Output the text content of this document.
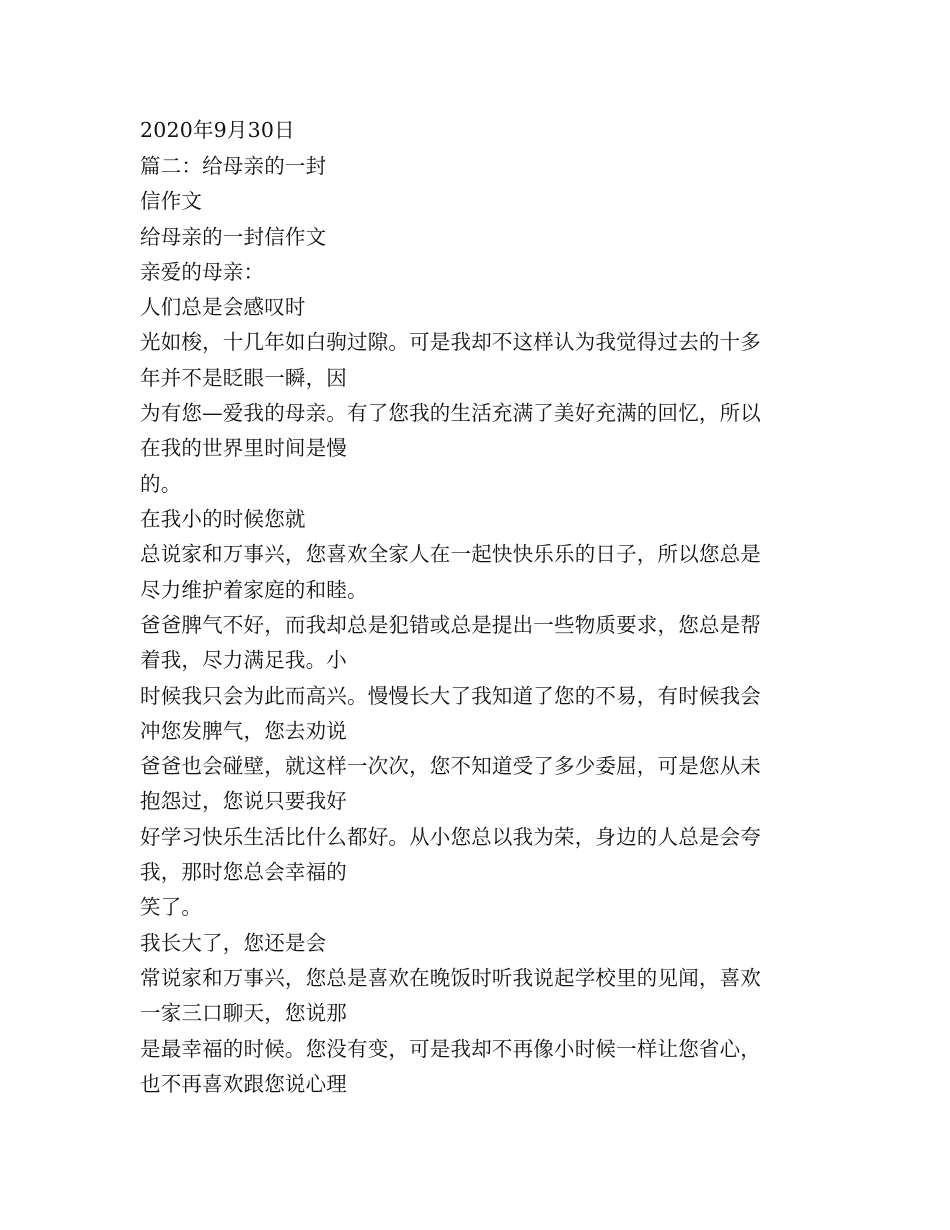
2020年9月30日
篇二：给母亲的一封
信作文
给母亲的一封信作文
亲爱的母亲：
人们总是会感叹时
光如梭，十几年如白驹过隙。可是我却不这样认为我觉得过去的十多
年并不是眨眼一瞬，因
为有您—爱我的母亲。有了您我的生活充满了美好充满的回忆，所以
在我的世界里时间是慢
的。
在我小的时候您就
总说家和万事兴，您喜欢全家人在一起快快乐乐的日子，所以您总是
尽力维护着家庭的和睦。
爸爸脾气不好，而我却总是犯错或总是提出一些物质要求，您总是帮
着我，尽力满足我。小
时候我只会为此而高兴。慢慢长大了我知道了您的不易，有时候我会
冲您发脾气，您去劝说
爸爸也会碰壁，就这样一次次，您不知道受了多少委屈，可是您从未
抱怨过，您说只要我好
好学习快乐生活比什么都好。从小您总以我为荣，身边的人总是会夸
我，那时您总会幸福的
笑了。
我长大了，您还是会
常说家和万事兴，您总是喜欢在晚饭时听我说起学校里的见闻，喜欢
一家三口聊天，您说那
是最幸福的时候。您没有变，可是我却不再像小时候一样让您省心，
也不再喜欢跟您说心理
